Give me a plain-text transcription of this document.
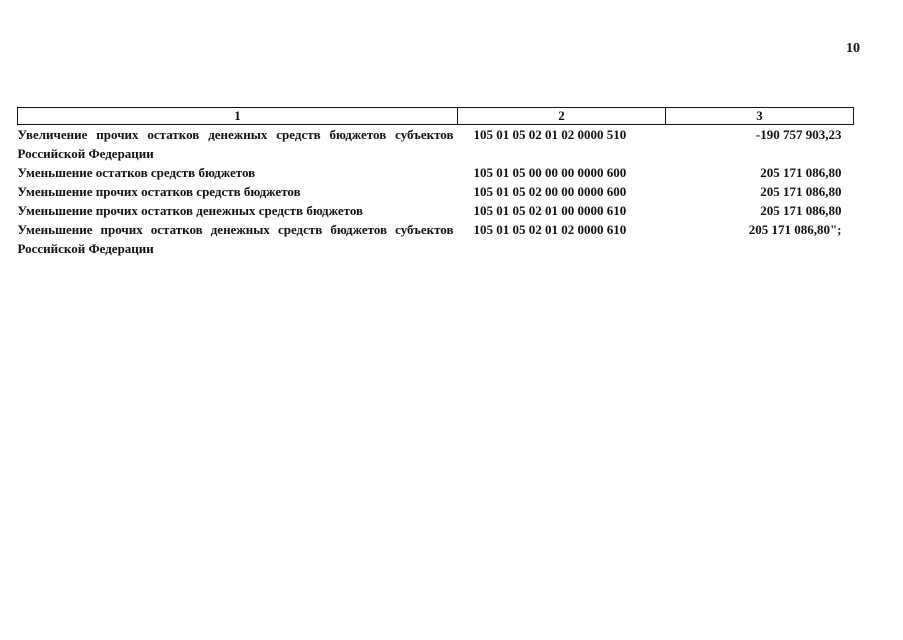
10
1	2	3
Увеличение прочих остатков денежных средств бюджетов субъектов Российской Федерации	105 01 05 02 01 02 0000 510	-190 757 903,23
Уменьшение остатков средств бюджетов	105 01 05 00 00 00 0000 600	205 171 086,80
Уменьшение прочих остатков средств бюджетов	105 01 05 02 00 00 0000 600	205 171 086,80
Уменьшение прочих остатков денежных средств бюджетов	105 01 05 02 01 00 0000 610	205 171 086,80
Уменьшение прочих остатков денежных средств бюджетов субъектов Российской Федерации	105 01 05 02 01 02 0000 610	205 171 086,80";
